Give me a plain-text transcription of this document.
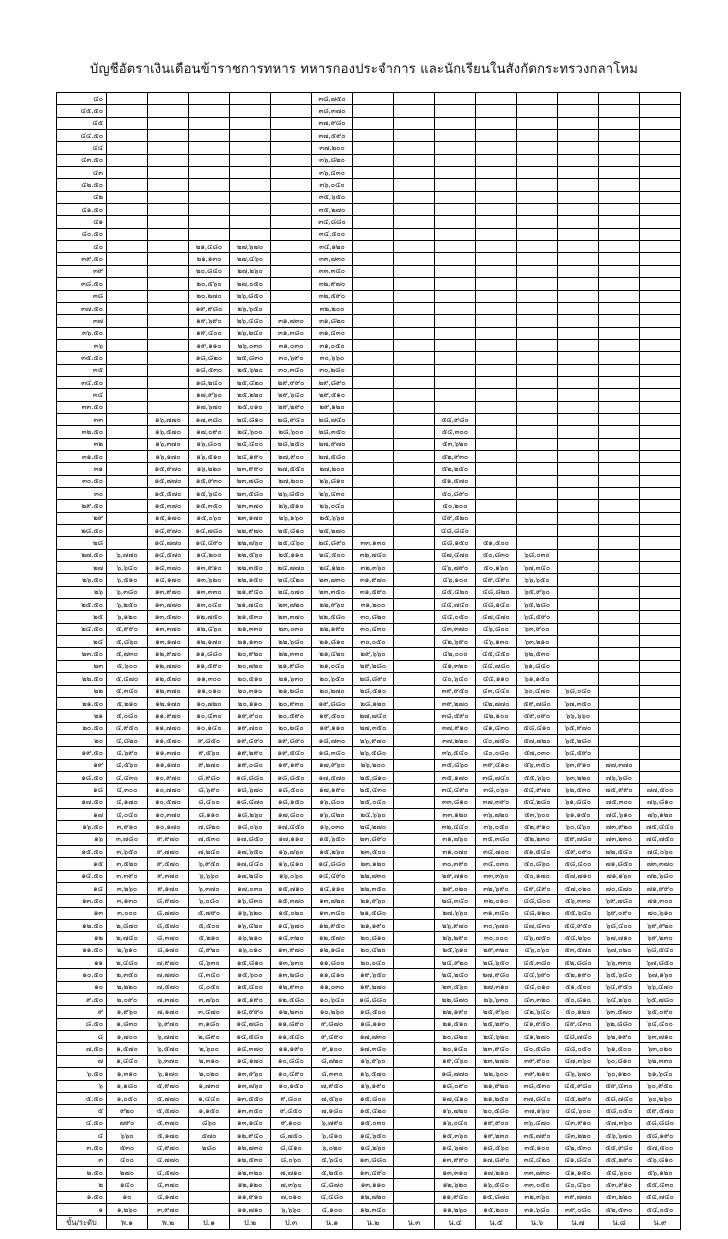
บัญชีอัตราเงินเดือนข้าราชการทหาร ทหารกองประจำการ และนักเรียนในสังกัดกระทรวงกลาโหม
๔๐						๓๘,๗๕๐								
๔๕.๕๐						๓๘,๓๗๐								
๔๕						๓๗,๙๘๐								
๔๔.๕๐						๓๗,๕๙๐								
๔๔						๓๗,๒๐๐								
๔๓.๕๐						๓๖,๘๒๐								
๔๓						๓๖,๔๓๐								
๔๒.๕๐						๓๖,๐๔๐								
๔๒						๓๕,๖๕๐								
๔๑.๕๐						๓๕,๒๗๐								
๔๑						๓๔,๘๘๐								
๔๐.๕๐						๓๔,๕๐๐								
๔๐			๒๑,๔๘๐	๒๗,๖๗๐		๓๔,๑๒๐								
๓๙.๕๐			๒๑,๑๓๐	๒๗,๔๖๐		๓๓,๗๓๐								
๓๙			๒๐,๘๔๐	๒๗,๒๖๐		๓๓,๓๔๐								
๓๘.๕๐			๒๐,๕๖๐	๒๗,๐๕๐		๓๒,๙๗๐								
๓๘			๒๐,๒๗๐	๒๖,๘๕๐		๓๒,๕๙๐								
๓๗.๕๐			๑๙,๙๘๐	๒๖,๖๕๐		๓๒,๒๐๐								
๓๗			๑๙,๖๙๐	๒๖,๔๔๐	๓๑,๗๓๐	๓๑,๘๒๐								
๓๖.๕๐			๑๙,๔๐๐	๒๖,๒๔๐	๓๑,๓๘๐	๓๑,๔๓๐								
๓๖			๑๙,๑๑๐	๒๖,๐๓๐	๓๑,๐๓๐	๓๑,๐๕๐								
๓๕.๕๐			๑๘,๘๒๐	๒๕,๘๓๐	๓๐,๖๙๐	๓๐,๖๖๐								
๓๕			๑๘,๕๓๐	๒๕,๖๒๐	๓๐,๓๔๐	๓๐,๒๘๐								
๓๔.๕๐			๑๘,๒๔๐	๒๕,๔๒๐	๒๙,๙๙๐	๒๙,๘๙๐								
๓๔			๑๗,๙๖๐	๒๕,๒๒๐	๒๙,๖๔๐	๒๙,๕๑๐								
๓๓.๕๐			๑๗,๖๗๐	๒๕,๐๑๐	๒๙,๒๙๐	๒๙,๑๒๐								
๓๓		๑๖,๗๗๐	๑๗,๓๘๐	๒๔,๘๑๐	๒๘,๙๔๐	๒๘,๗๔๐			๕๔,๙๘๐					
๓๒.๕๐		๑๖,๕๗๐	๑๗,๐๙๐	๒๔,๖๐๐	๒๘,๖๐๐	๒๘,๓๕๐			๕๔,๓๐๐					
๓๒		๑๖,๓๗๐	๑๖,๘๐๐	๒๔,๔๐๐	๒๘,๒๕๐	๒๗,๙๗๐			๕๓,๖๒๐					
๓๑.๕๐		๑๖,๑๗๐	๑๖,๕๑๐	๒๔,๑๙๐	๒๗,๙๐๐	๒๗,๕๘๐			๕๒,๙๓๐					
๓๑		๑๕,๙๗๐	๑๖,๒๒๐	๒๓,๙๙๐	๒๗,๕๕๐	๒๗,๒๐๐			๕๒,๒๕๐					
๓๐.๕๐		๑๕,๗๗๐	๑๕,๙๓๐	๒๓,๗๘๐	๒๗,๒๐๐	๒๖,๘๑๐			๕๑,๕๗๐					
๓๐		๑๕,๕๗๐	๑๕,๖๔๐	๒๓,๕๘๐	๒๖,๘๕๐	๒๖,๔๓๐			๕๐,๘๙๐					
๒๙.๕๐		๑๕,๓๗๐	๑๕,๓๕๐	๒๓,๓๗๐	๒๖,๕๑๐	๒๖,๐๔๐			๕๐,๒๐๐					
๒๙		๑๕,๑๗๐	๑๕,๐๖๐	๒๓,๑๗๐	๒๖,๑๖๐	๒๕,๖๖๐			๔๙,๕๒๐					
๒๘.๕๐		๑๔,๙๗๐	๑๔,๗๘๐	๒๒,๙๗๐	๒๕,๘๑๐	๒๕,๒๗๐			๔๘,๘๔๐					
๒๘		๑๔,๗๗๐	๑๔,๔๙๐	๒๒,๗๖๐	๒๕,๔๖๐	๒๔,๘๙๐	๓๓,๑๓๐		๔๘,๑๕๐	๕๑,๕๐๐				
๒๗.๕๐	๖,๗๗๐	๑๔,๕๗๐	๑๔,๒๐๐	๒๒,๕๖๐	๒๕,๑๑๐	๒๔,๕๐๐	๓๒,๗๔๐		๔๗,๔๗๐	๕๐,๘๓๐	๖๘,๐๓๐			
๒๗	๖,๖๔๐	๑๔,๓๗๐	๑๓,๙๑๐	๒๒,๓๕๐	๒๔,๗๗๐	๒๔,๑๒๐	๓๒,๓๖๐		๔๖,๗๙๐	๕๐,๑๖๐	๖๗,๓๔๐			
๒๖.๕๐	๖,๕๑๐	๑๔,๑๗๐	๑๓,๖๒๐	๒๒,๑๕๐	๒๔,๔๒๐	๒๓,๗๓๐	๓๑,๙๗๐		๔๖,๑๐๐	๔๙,๔๙๐	๖๖,๖๕๐			
๒๖	๖,๓๘๐	๑๓,๙๗๐	๑๓,๓๓๐	๒๑,๙๔๐	๒๔,๐๗๐	๒๓,๓๕๐	๓๑,๕๙๐		๔๕,๔๒๐	๔๘,๘๒๐	๖๕,๙๖๐			
๒๕.๕๐	๖,๒๕๐	๑๓,๗๗๐	๑๓,๐๔๐	๒๑,๗๔๐	๒๓,๗๒๐	๒๒,๙๖๐	๓๑,๒๐๐		๔๔,๗๔๐	๔๘,๑๔๐	๖๕,๒๘๐			
๒๕	๖,๑๒๐	๑๓,๕๗๐	๑๒,๗๕๐	๒๑,๕๓๐	๒๓,๓๗๐	๒๒,๕๘๐	๓๐,๘๒๐		๔๔,๐๕๐	๔๗,๔๗๐	๖๔,๕๙๐			
๒๔.๕๐	๕,๙๙๐	๑๓,๓๗๐	๑๒,๔๖๐	๒๑,๓๓๐	๒๓,๐๓๐	๒๒,๑๙๐	๓๐,๔๓๐		๔๓,๓๗๐	๔๖,๘๐๐	๖๓,๙๐๐			
๒๔	๕,๘๖๐	๑๓,๑๗๐	๑๒,๑๗๐	๒๑,๑๓๐	๒๒,๖๘๐	๒๑,๘๑๐	๓๐,๐๕๐		๔๒,๖๙๐	๔๖,๑๓๐	๖๓,๒๑๐			
๒๓.๕๐	๕,๗๓๐	๑๒,๙๗๐	๑๑,๘๘๐	๒๐,๙๒๐	๒๒,๓๓๐	๒๑,๔๒๐	๒๙,๖๖๐		๔๒,๐๐๐	๔๕,๔๕๐	๖๒,๕๓๐			
๒๓	๕,๖๐๐	๑๒,๗๗๐	๑๑,๕๙๐	๒๐,๗๒๐	๒๑,๙๘๐	๒๑,๐๔๐	๒๙,๒๘๐		๔๑,๓๒๐	๔๔,๗๘๐	๖๑,๘๔๐			
๒๒.๕๐	๕,๔๗๐	๑๒,๕๗๐	๑๑,๓๐๐	๒๐,๕๑๐	๒๑,๖๓๐	๒๐,๖๕๐	๒๘,๘๙๐		๔๐,๖๔๐	๔๔,๑๑๐	๖๑,๑๕๐			
๒๒	๕,๓๔๐	๑๒,๓๗๐	๑๑,๐๑๐	๒๐,๓๑๐	๒๑,๒๘๐	๒๐,๒๗๐	๒๘,๕๑๐		๓๙,๙๕๐	๔๓,๔๔๐	๖๐,๔๗๐	๖๘,๐๔๐		
๒๑.๕๐	๕,๒๑๐	๑๒,๑๗๐	๑๐,๗๒๐	๒๐,๑๑๐	๒๐,๙๓๐	๑๙,๘๘๐	๒๘,๑๒๐		๓๙,๒๗๐	๔๒,๗๗๐	๕๙,๗๘๐	๖๗,๓๕๐		
๒๑	๕,๐๘๐	๑๑,๙๗๐	๑๐,๔๓๐	๑๙,๙๐๐	๒๐,๕๙๐	๑๙,๕๐๐	๒๗,๗๔๐		๓๘,๕๙๐	๔๒,๑๐๐	๕๙,๐๙๐	๖๖,๖๖๐		
๒๐.๕๐	๔,๙๕๐	๑๑,๗๗๐	๑๐,๑๔๐	๑๙,๗๐๐	๒๐,๒๔๐	๑๙,๑๑๐	๒๗,๓๕๐		๓๗,๙๑๐	๔๑,๔๓๐	๕๘,๔๑๐	๖๕,๙๗๐		
๒๐	๔,๘๒๐	๑๑,๕๗๐	๙,๘๕๐	๑๙,๔๙๐	๑๙,๘๙๐	๑๘,๗๓๐	๒๖,๙๗๐		๓๗,๒๒๐	๔๐,๗๕๐	๕๗,๗๒๐	๖๕,๒๘๐		
๑๙.๕๐	๔,๖๙๐	๑๑,๓๗๐	๙,๕๖๐	๑๙,๒๙๐	๑๙,๕๔๐	๑๘,๓๔๐	๒๖,๕๘๐		๓๖,๕๔๐	๔๐,๐๘๐	๕๗,๐๓๐	๖๔,๕๙๐		
๑๙	๔,๕๖๐	๑๑,๑๗๐	๙,๒๗๐	๑๙,๐๘๐	๑๙,๑๙๐	๑๗,๙๖๐	๒๖,๒๐๐		๓๕,๘๖๐	๓๙,๔๑๐	๕๖,๓๕๐	๖๓,๙๑๐	๗๗,๓๗๐	
๑๘.๕๐	๔,๔๓๐	๑๐,๙๗๐	๘,๙๘๐	๑๘,๘๘๐	๑๘,๘๕๐	๑๗,๕๗๐	๒๕,๘๑๐		๓๕,๑๗๐	๓๘,๗๔๐	๕๕,๖๖๐	๖๓,๒๒๐	๗๖,๖๘๐	
๑๘	๔,๓๐๐	๑๐,๗๗๐	๘,๖๙๐	๑๘,๖๗๐	๑๘,๕๐๐	๑๗,๑๙๐	๒๕,๔๓๐		๓๔,๔๙๐	๓๘,๐๖๐	๕๔,๙๗๐	๖๒,๕๓๐	๗๕,๙๙๐	๗๗,๕๐๐
๑๗.๕๐	๔,๑๗๐	๑๐,๕๗๐	๘,๔๐๐	๑๘,๔๗๐	๑๘,๑๕๐	๑๖,๘๐๐	๒๕,๐๔๐		๓๓,๘๑๐	๓๗,๓๙๐	๕๔,๒๘๐	๖๑,๘๔๐	๗๕,๓๐๐	๗๖,๘๑๐
๑๗	๔,๐๔๐	๑๐,๓๗๐	๘,๑๑๐	๑๘,๒๖๐	๑๗,๘๐๐	๑๖,๔๒๐	๒๔,๖๖๐		๓๓,๑๒๐	๓๖,๗๒๐	๕๓,๖๐๐	๖๑,๑๕๐	๗๔,๖๑๐	๗๖,๑๒๐
๑๖.๕๐	๓,๙๑๐	๑๐,๑๗๐	๗,๘๒๐	๑๘,๐๖๐	๑๗,๔๕๐	๑๖,๐๓๐	๒๔,๒๗๐		๓๒,๔๔๐	๓๖,๐๕๐	๕๒,๙๑๐	๖๐,๔๖๐	๗๓,๙๒๐	๗๕,๔๔๐
๑๖	๓,๗๘๐	๙,๙๗๐	๗,๕๓๐	๑๗,๘๕๐	๑๗,๑๑๐	๑๕,๖๕๐	๒๓,๘๙๐		๓๑,๗๖๐	๓๕,๓๘๐	๕๒,๒๓๐	๕๙,๗๘๐	๗๓,๒๓๐	๗๔,๗๕๐
๑๕.๕๐	๓,๖๕๐	๙,๗๗๐	๗,๒๔๐	๑๗,๖๕๐	๑๖,๗๖๐	๑๕,๒๖๐	๒๓,๕๐๐		๓๑,๐๗๐	๓๔,๗๐๐	๕๑,๕๔๐	๕๙,๐๙๐	๗๒,๕๔๐	๗๔,๐๖๐
๑๕	๓,๕๒๐	๙,๕๗๐	๖,๙๕๐	๑๗,๔๔๐	๑๖,๔๑๐	๑๔,๘๘๐	๒๓,๑๒๐		๓๐,๓๙๐	๓๔,๐๓๐	๕๐,๘๖๐	๕๘,๔๐๐	๗๑,๘๕๐	๗๓,๓๗๐
๑๔.๕๐	๓,๓๙๐	๙,๓๗๐	๖,๖๖๐	๑๗,๒๔๐	๑๖,๐๖๐	๑๔,๔๙๐	๒๒,๗๓๐		๒๙,๗๑๐	๓๓,๓๖๐	๕๐,๑๗๐	๕๗,๗๑๐	๗๑,๑๖๐	๗๒,๖๘๐
๑๔	๓,๒๖๐	๙,๑๗๐	๖,๓๗๐	๑๗,๐๓๐	๑๕,๗๑๐	๑๔,๑๑๐	๒๒,๓๕๐		๒๙,๐๒๐	๓๒,๖๙๐	๔๙,๔๙๐	๕๗,๐๒๐	๗๐,๔๗๐	๗๑,๙๙๐
๑๓.๕๐	๓,๑๓๐	๘,๙๗๐	๖,๐๘๐	๑๖,๘๓๐	๑๕,๓๗๐	๑๓,๗๒๐	๒๑,๙๖๐		๒๘,๓๔๐	๓๒,๐๑๐	๔๘,๘๐๐	๕๖,๓๓๐	๖๙,๗๘๐	๗๑,๓๐๐
๑๓	๓,๐๐๐	๘,๗๗๐	๕,๗๙๐	๑๖,๖๒๐	๑๕,๐๒๐	๑๓,๓๔๐	๒๑,๕๘๐		๒๗,๖๖๐	๓๑,๓๔๐	๔๘,๑๒๐	๕๕,๖๔๐	๖๙,๐๙๐	๗๐,๖๑๐
๑๒.๕๐	๒,๘๗๐	๘,๕๗๐	๕,๕๐๐	๑๖,๔๒๐	๑๔,๖๗๐	๑๒,๙๕๐	๒๑,๑๙๐		๒๖,๙๗๐	๓๐,๖๗๐	๔๗,๔๓๐	๕๔,๙๕๐	๖๘,๔๐๐	๖๙,๙๒๐
๑๒	๒,๗๔๐	๘,๓๗๐	๕,๒๑๐	๑๖,๒๑๐	๑๔,๓๒๐	๑๒,๕๗๐	๒๐,๘๑๐		๒๖,๒๙๐	๓๐,๐๐๐	๔๖,๗๕๐	๕๔,๒๖๐	๖๗,๗๑๐	๖๙,๒๓๐
๑๑.๕๐	๒,๖๑๐	๘,๑๗๐	๔,๙๒๐	๑๖,๐๑๐	๑๓,๙๗๐	๑๒,๑๘๐	๒๐,๔๒๐		๒๕,๖๑๐	๒๙,๓๒๐	๔๖,๐๖๐	๕๓,๕๗๐	๖๗,๐๒๐	๖๘,๕๔๐
๑๑	๒,๔๘๐	๗,๙๗๐	๔,๖๓๐	๑๕,๘๑๐	๑๓,๖๓๐	๑๑,๘๐๐	๒๐,๐๔๐		๒๔,๙๒๐	๒๘,๖๕๐	๔๕,๓๘๐	๕๒,๘๘๐	๖๖,๓๓๐	๖๗,๘๕๐
๑๐.๕๐	๒,๓๕๐	๗,๗๗๐	๔,๓๔๐	๑๕,๖๐๐	๑๓,๒๘๐	๑๑,๔๑๐	๑๙,๖๕๐		๒๔,๒๔๐	๒๗,๙๘๐	๔๔,๖๙๐	๕๒,๑๙๐	๖๕,๖๔๐	๖๗,๑๖๐
๑๐	๒,๒๒๐	๗,๕๗๐	๔,๐๕๐	๑๕,๔๐๐	๑๒,๙๓๐	๑๑,๐๓๐	๑๙,๒๗๐		๒๓,๕๖๐	๒๗,๓๑๐	๔๔,๐๑๐	๕๑,๕๐๐	๖๔,๙๕๐	๖๖,๔๗๐
๙.๕๐	๒,๐๙๐	๗,๓๗๐	๓,๗๖๐	๑๕,๑๙๐	๑๒,๕๘๐	๑๐,๖๔๐	๑๘,๘๘๐		๒๒,๘๗๐	๒๖,๖๓๐	๔๓,๓๒๐	๕๐,๘๑๐	๖๔,๒๖๐	๖๕,๗๘๐
๙	๑,๙๖๐	๗,๑๗๐	๓,๔๗๐	๑๔,๙๙๐	๑๒,๒๓๐	๑๐,๒๖๐	๑๘,๕๐๐		๒๒,๑๙๐	๒๕,๙๖๐	๔๒,๖๔๐	๕๐,๑๒๐	๖๓,๕๗๐	๖๕,๐๙๐
๘.๕๐	๑,๘๓๐	๖,๙๗๐	๓,๑๘๐	๑๔,๗๘๐	๑๑,๘๙๐	๙,๘๗๐	๑๘,๑๑๐		๒๑,๕๑๐	๒๕,๒๙๐	๔๑,๙๕๐	๔๙,๔๓๐	๖๒,๘๘๐	๖๔,๔๐๐
๘	๑,๗๐๐	๖,๗๗๐	๒,๘๙๐	๑๔,๕๘๐	๑๑,๕๔๐	๙,๔๙๐	๑๗,๗๓๐		๒๐,๘๒๐	๒๔,๖๒๐	๔๑,๒๗๐	๔๘,๗๔๐	๖๒,๑๙๐	๖๓,๗๑๐
๗.๕๐	๑,๕๗๐	๖,๕๗๐	๒,๖๐๐	๑๔,๓๗๐	๑๑,๑๙๐	๙,๑๐๐	๑๗,๓๔๐		๒๐,๑๔๐	๒๓,๙๔๐	๔๐,๕๘๐	๔๘,๐๕๐	๖๑,๕๐๐	๖๓,๐๒๐
๗	๑,๔๔๐	๖,๓๗๐	๒,๓๑๐	๑๔,๑๗๐	๑๐,๘๔๐	๘,๗๒๐	๑๖,๙๖๐		๑๙,๔๖๐	๒๓,๒๗๐	๓๙,๙๐๐	๔๗,๓๖๐	๖๐,๘๑๐	๖๒,๓๓๐
๖.๕๐	๑,๓๑๐	๖,๑๗๐	๒,๐๒๐	๑๓,๙๖๐	๑๐,๔๙๐	๘,๓๓๐	๑๖,๕๗๐		๑๘,๗๗๐	๒๒,๖๐๐	๓๙,๒๑๐	๔๖,๖๗๐	๖๐,๑๒๐	๖๑,๖๔๐
๖	๑,๑๘๐	๕,๙๗๐	๑,๗๓๐	๑๓,๗๖๐	๑๐,๑๕๐	๗,๙๕๐	๑๖,๑๙๐		๑๘,๐๙๐	๒๑,๙๒๐	๓๘,๕๓๐	๔๕,๙๘๐	๕๙,๔๓๐	๖๐,๙๕๐
๕.๕๐	๑,๐๕๐	๕,๗๗๐	๑,๔๔๐	๑๓,๕๕๐	๙,๘๐๐	๗,๕๖๐	๑๕,๘๐๐		๑๗,๔๑๐	๒๑,๒๕๐	๓๗,๘๔๐	๔๕,๒๙๐	๕๘,๗๔๐	๖๐,๒๖๐
๕	๙๒๐	๕,๕๗๐	๑,๑๕๐	๑๓,๓๕๐	๙,๔๕๐	๗,๑๘๐	๑๕,๔๒๐		๑๖,๗๒๐	๒๐,๕๘๐	๓๗,๑๖๐	๔๔,๖๐๐	๕๘,๐๕๐	๕๙,๕๗๐
๔.๕๐	๗๙๐	๕,๓๗๐	๘๖๐	๑๓,๑๔๐	๙,๑๐๐	๖,๗๙๐	๑๕,๐๓๐		๑๖,๐๔๐	๑๙,๙๐๐	๓๖,๔๗๐	๔๓,๙๑๐	๕๗,๓๖๐	๕๘,๘๘๐
๔	๖๖๐	๕,๑๗๐	๕๗๐	๑๒,๙๔๐	๘,๗๕๐	๖,๔๑๐	๑๔,๖๕๐		๑๕,๓๖๐	๑๙,๒๓๐	๓๕,๗๙๐	๔๓,๒๒๐	๕๖,๖๗๐	๕๘,๑๙๐
๓.๕๐	๕๓๐	๔,๙๗๐	๒๘๐	๑๒,๗๓๐	๘,๔๑๐	๖,๐๒๐	๑๔,๒๖๐		๑๔,๖๗๐	๑๘,๕๖๐	๓๕,๑๐๐	๔๒,๕๓๐	๕๕,๙๘๐	๕๗,๕๐๐
๓	๔๐๐	๔,๗๗๐		๑๒,๕๓๐	๘,๐๖๐	๕,๖๔๐	๑๓,๘๘๐		๑๓,๙๙๐	๑๗,๘๙๐	๓๔,๔๒๐	๔๑,๘๔๐	๕๕,๒๙๐	๕๖,๘๑๐
๒.๕๐	๒๗๐	๔,๕๗๐		๑๒,๓๒๐	๗,๗๑๐	๕,๒๕๐	๑๓,๔๙๐		๑๓,๓๑๐	๑๗,๒๑๐	๓๓,๗๓๐	๔๑,๑๕๐	๕๔,๖๐๐	๕๖,๑๒๐
๒	๑๔๐	๔,๓๗๐		๑๒,๑๒๐	๗,๓๖๐	๔,๘๗๐	๑๓,๑๑๐		๑๒,๖๒๐	๑๖,๕๔๐	๓๓,๐๕๐	๔๐,๔๖๐	๕๓,๙๑๐	๕๕,๔๓๐
๑.๕๐	๑๐	๔,๑๗๐		๑๑,๙๑๐	๗,๐๑๐	๔,๔๘๐	๑๒,๗๒๐		๑๑,๙๔๐	๑๕,๘๗๐	๓๒,๓๖๐	๓๙,๗๗๐	๕๓,๒๒๐	๕๔,๗๔๐
๑	๑,๒๖๐	๓,๙๗๐		๑๑,๗๑๐	๖,๖๖๐	๔,๑๐๐	๑๒,๓๔๐		๑๑,๒๖๐	๑๕,๒๐๐	๓๑,๖๘๐	๓๙,๐๘๐	๕๒,๕๓๐	๕๔,๐๕๐
ขั้น/ระดับ	พ.๑	พ.๒	ป.๑	ป.๒	ป.๓	น.๑	น.๒	น.๓	น.๔	น.๕	น.๖	น.๗	น.๘	น.๙
